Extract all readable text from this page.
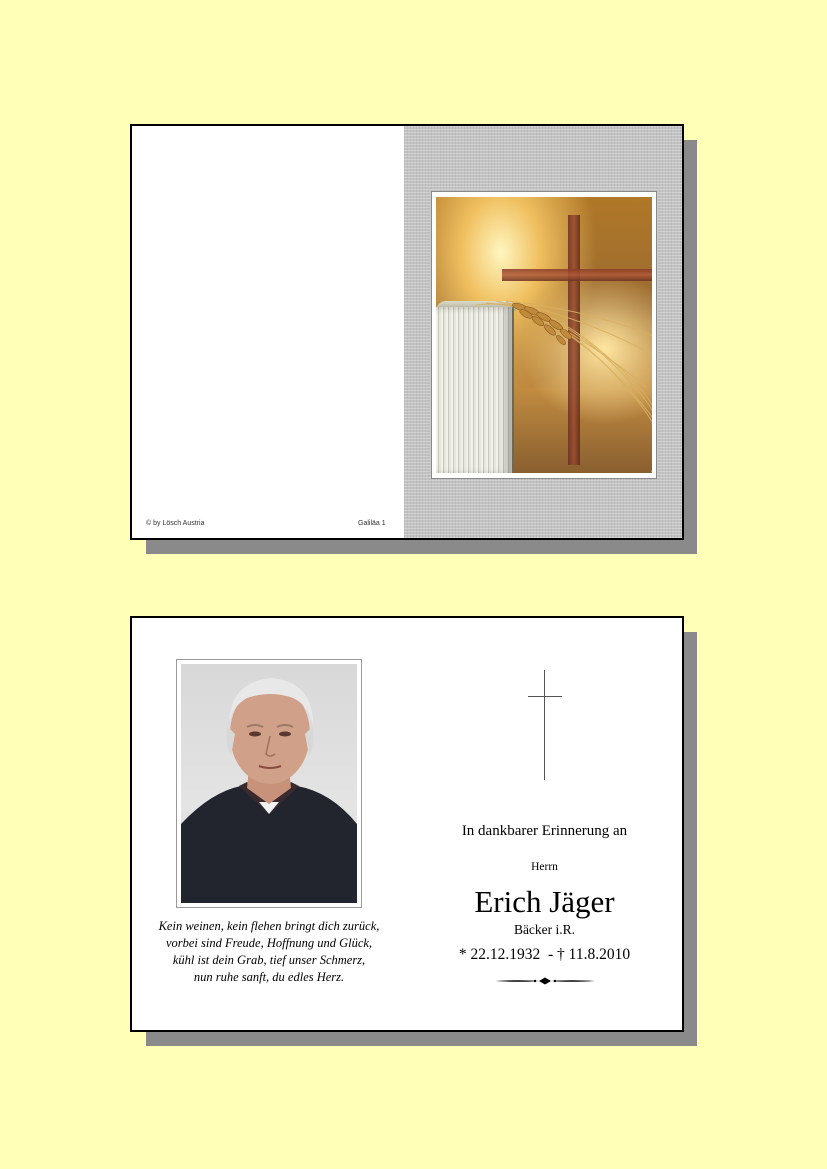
© by Lösch Austria	Galiläa 1
Kein weinen, kein flehen bringt dich zurück,
vorbei sind Freude, Hoffnung und Glück,
kühl ist dein Grab, tief unser Schmerz,
nun ruhe sanft, du edles Herz.
In dankbarer Erinnerung an
Herrn
Erich Jäger
Bäcker i.R.
* 22.12.1932  - † 11.8.2010
